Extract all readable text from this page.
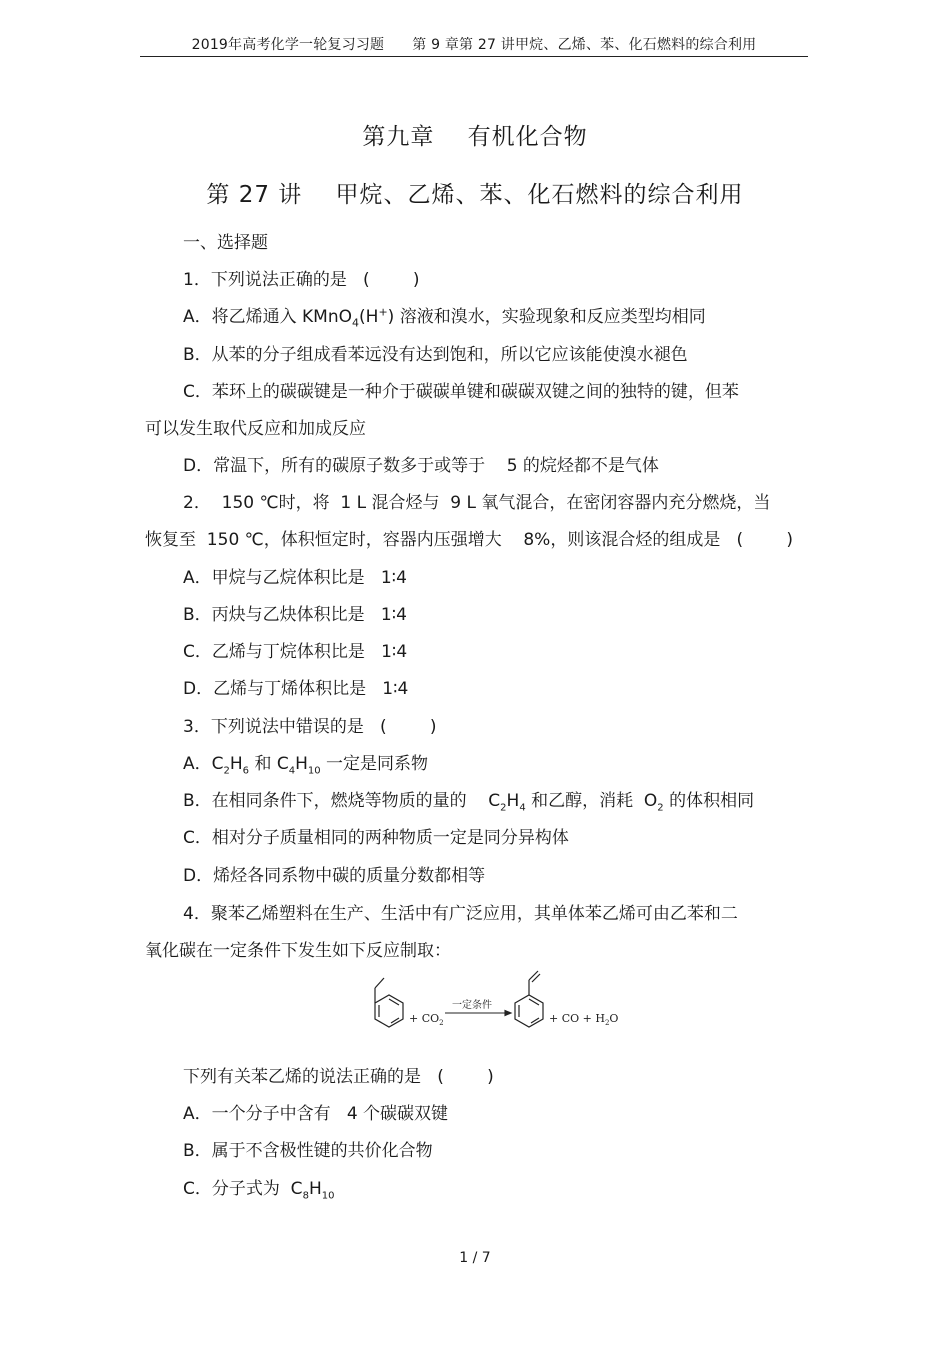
2019年高考化学一轮复习习题 第 9 章第 27 讲甲烷、乙烯、苯、化石燃料的综合利用
第九章    有机化合物
第 27 讲    甲烷、乙烯、苯、化石燃料的综合利用
一、选择题
1．下列说法正确的是   (        )
A．将乙烯通入 KMnO$_4$(H+) 溶液和溴水，实验现象和反应类型均相同
B．从苯的分子组成看苯远没有达到饱和，所以它应该能使溴水褪色
C．苯环上的碳碳键是一种介于碳碳单键和碳碳双键之间的独特的键，但苯
可以发生取代反应和加成反应
D．常温下，所有的碳原子数多于或等于    5 的烷烃都不是气体
2．  150 ℃时，将  1 L 混合烃与  9 L 氧气混合，在密闭容器内充分燃烧，当
恢复至  150 ℃，体积恒定时，容器内压强增大    8%，则该混合烃的组成是   (        )
A．甲烷与乙烷体积比是   1∶4
B．丙炔与乙炔体积比是   1∶4
C．乙烯与丁烷体积比是   1∶4
D．乙烯与丁烯体积比是   1∶4
3．下列说法中错误的是   (        )
A．$C_2H_6$ 和 $C_4H_{10}$ 一定是同系物
B．在相同条件下，燃烧等物质的量的    $C_2H_4$ 和乙醇，消耗  $O_2$ 的体积相同
C．相对分子质量相同的两种物质一定是同分异构体
D．烯烃各同系物中碳的质量分数都相等
4．聚苯乙烯塑料在生产、生活中有广泛应用，其单体苯乙烯可由乙苯和二
氧化碳在一定条件下发生如下反应制取：
+ $CO_2$
一定条件
+ CO + $H_2O$
下列有关苯乙烯的说法正确的是   (        )
A．一个分子中含有   4 个碳碳双键
B．属于不含极性键的共价化合物
C．分子式为  $C_8H_{10}$
1 / 7
